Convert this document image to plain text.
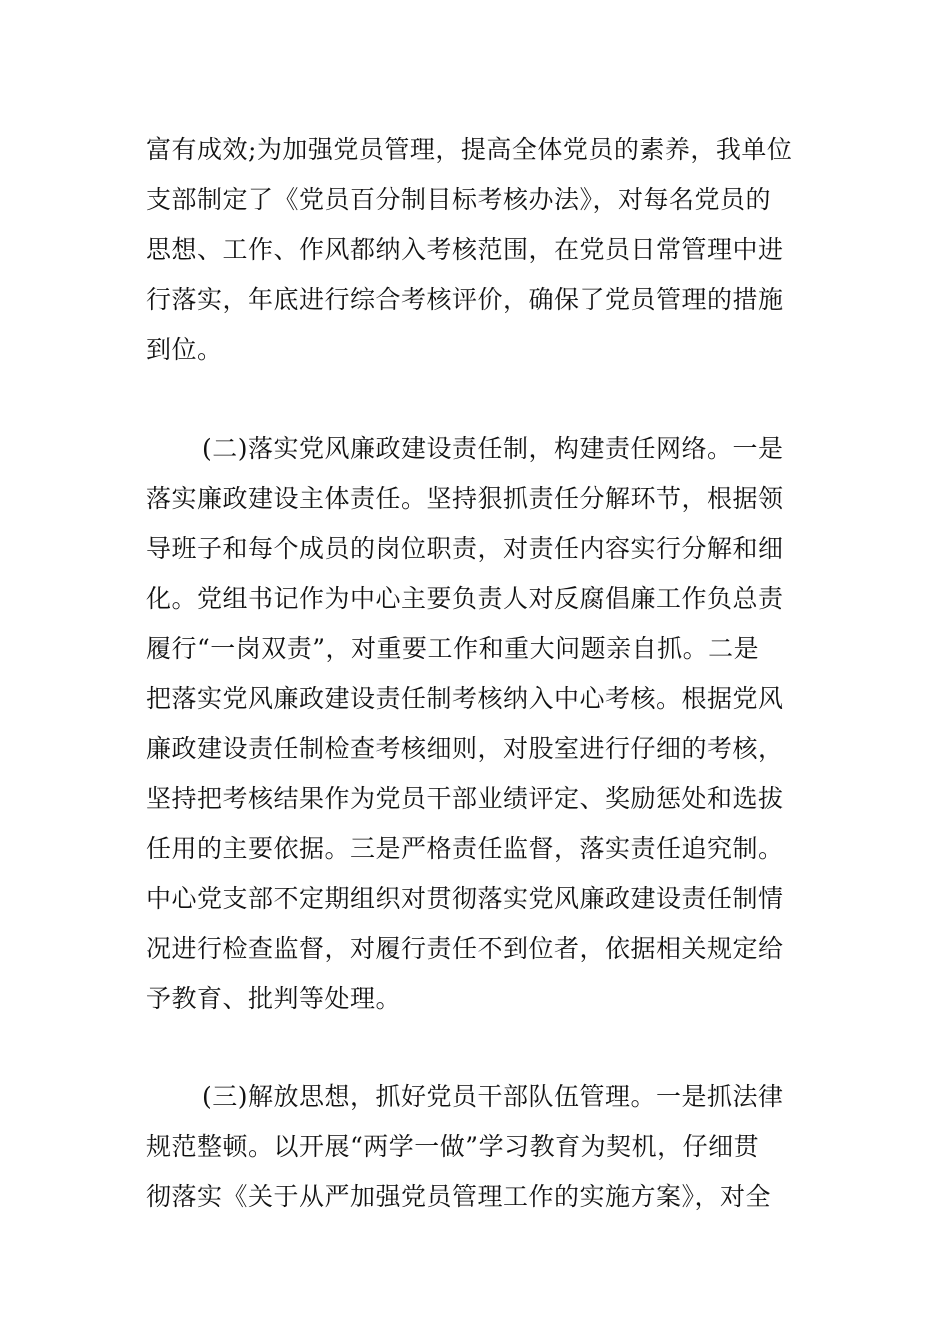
富有成效;为加强党员管理，提高全体党员的素养，我单位
支部制定了《党员百分制目标考核办法》，对每名党员的
思想、工作、作风都纳入考核范围，在党员日常管理中进
行落实，年底进行综合考核评价，确保了党员管理的措施
到位。
(二)落实党风廉政建设责任制，构建责任网络。一是
落实廉政建设主体责任。坚持狠抓责任分解环节，根据领
导班子和每个成员的岗位职责，对责任内容实行分解和细
化。党组书记作为中心主要负责人对反腐倡廉工作负总责
履行“一岗双责”，对重要工作和重大问题亲自抓。二是
把落实党风廉政建设责任制考核纳入中心考核。根据党风
廉政建设责任制检查考核细则，对股室进行仔细的考核，
坚持把考核结果作为党员干部业绩评定、奖励惩处和选拔
任用的主要依据。三是严格责任监督，落实责任追究制。
中心党支部不定期组织对贯彻落实党风廉政建设责任制情
况进行检查监督，对履行责任不到位者，依据相关规定给
予教育、批判等处理。
(三)解放思想，抓好党员干部队伍管理。一是抓法律
规范整顿。以开展“两学一做”学习教育为契机，仔细贯
彻落实《关于从严加强党员管理工作的实施方案》，对全
